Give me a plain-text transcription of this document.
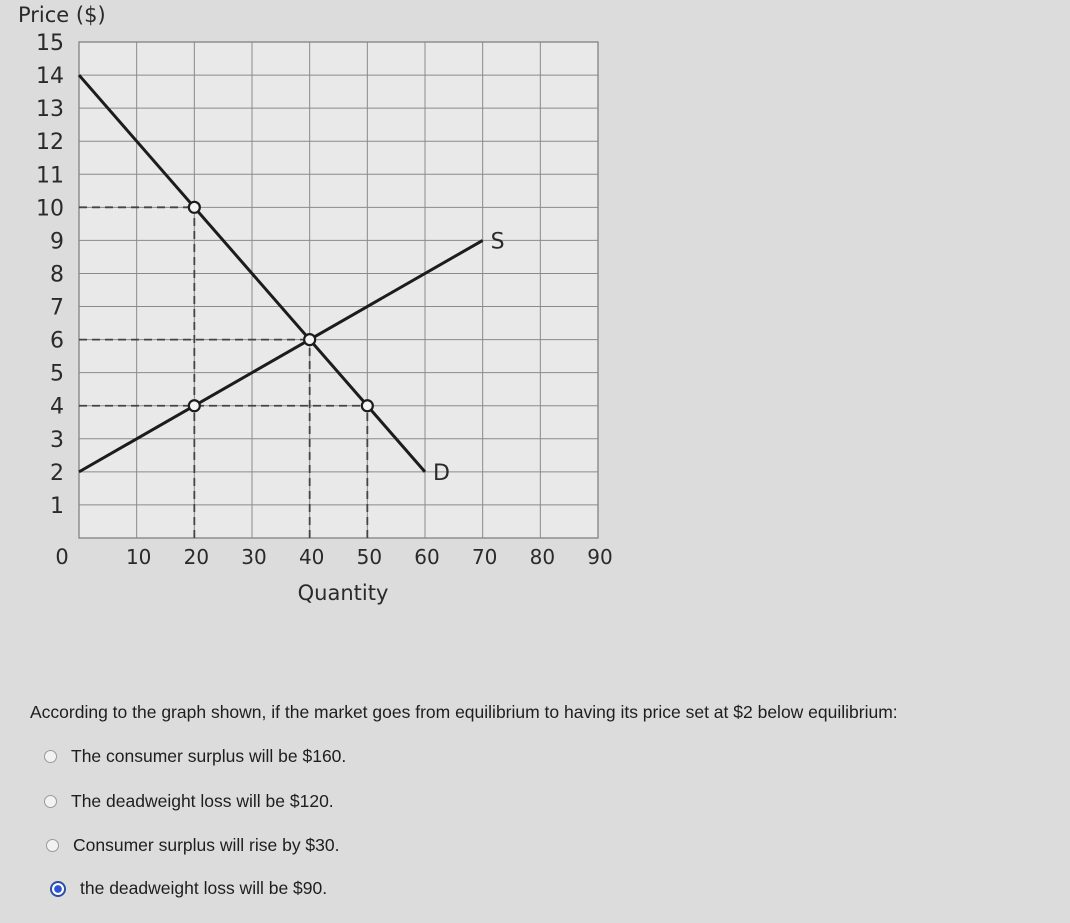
1
2
3
4
5
6
7
8
9
10
11
12
13
14
15
10 20 30 40 50 60 70 80 90
S
D
Price ($)
Quantity
0
According to the graph shown, if the market goes from equilibrium to having its price set at $2 below equilibrium:
The consumer surplus will be $160.
The deadweight loss will be $120.
Consumer surplus will rise by $30.
the deadweight loss will be $90.
